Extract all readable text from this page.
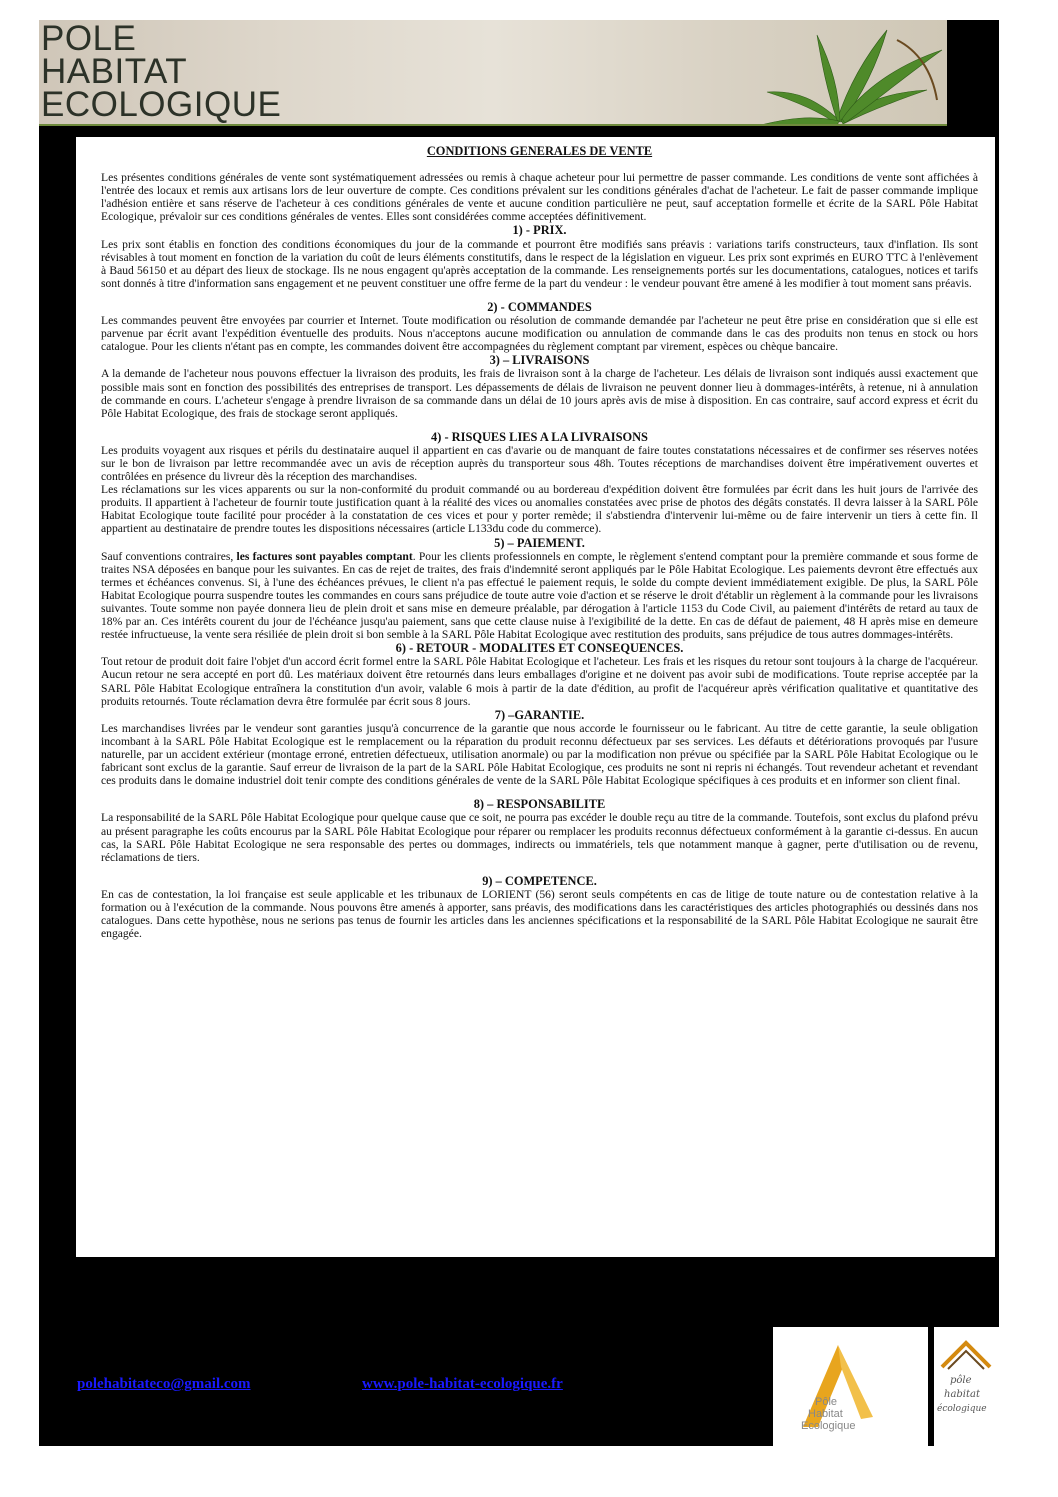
POLE
HABITAT
ECOLOGIQUE
CONDITIONS GENERALES DE VENTE

Les présentes conditions générales de vente sont systématiquement adressées ou remis à chaque acheteur pour lui permettre de passer commande. Les conditions de vente sont affichées à l'entrée des locaux et remis aux artisans lors de leur ouverture de compte. Ces conditions prévalent sur les conditions générales d'achat de l'acheteur. Le fait de passer commande implique l'adhésion entière et sans réserve de l'acheteur à ces conditions générales de vente et aucune condition particulière ne peut, sauf acceptation formelle et écrite de la SARL Pôle Habitat Ecologique, prévaloir sur ces conditions générales de ventes. Elles sont considérées comme acceptées définitivement.

1) - PRIX.

Les prix sont établis en fonction des conditions économiques du jour de la commande et pourront être modifiés sans préavis : variations tarifs constructeurs, taux d'inflation. Ils sont révisables à tout moment en fonction de la variation du coût de leurs éléments constitutifs, dans le respect de la législation en vigueur. Les prix sont exprimés en EURO TTC à l'enlèvement à Baud 56150 et au départ des lieux de stockage. Ils ne nous engagent qu'après acceptation de la commande. Les renseignements portés sur les documentations, catalogues, notices et tarifs sont donnés à titre d'information sans engagement et ne peuvent constituer une offre ferme de la part du vendeur : le vendeur pouvant être amené à les modifier à tout moment sans préavis.

2) - COMMANDES

Les commandes peuvent être envoyées par courrier et Internet. Toute modification ou résolution de commande demandée par l'acheteur ne peut être prise en considération que si elle est parvenue par écrit avant l'expédition éventuelle des produits. Nous n'acceptons aucune modification ou annulation de commande dans le cas des produits non tenus en stock ou hors catalogue. Pour les clients n'étant pas en compte, les commandes doivent être accompagnées du règlement comptant par virement, espèces ou chèque bancaire.

3) – LIVRAISONS

A la demande de l'acheteur nous pouvons effectuer la livraison des produits, les frais de livraison sont à la charge de l'acheteur. Les délais de livraison sont indiqués aussi exactement que possible mais sont en fonction des possibilités des entreprises de transport. Les dépassements de délais de livraison ne peuvent donner lieu à dommages-intérêts, à retenue, ni à annulation de commande en cours. L'acheteur s'engage à prendre livraison de sa commande dans un délai de 10 jours après avis de mise à disposition. En cas contraire, sauf accord express et écrit du Pôle Habitat Ecologique, des frais de stockage seront appliqués.

4) - RISQUES LIES A LA LIVRAISONS

Les produits voyagent aux risques et périls du destinataire auquel il appartient en cas d'avarie ou de manquant de faire toutes constatations nécessaires et de confirmer ses réserves notées sur le bon de livraison par lettre recommandée avec un avis de réception auprès du transporteur sous 48h. Toutes réceptions de marchandises doivent être impérativement ouvertes et contrôlées en présence du livreur dès la réception des marchandises.

Les réclamations sur les vices apparents ou sur la non-conformité du produit commandé ou au bordereau d'expédition doivent être formulées par écrit dans les huit jours de l'arrivée des produits. Il appartient à l'acheteur de fournir toute justification quant à la réalité des vices ou anomalies constatées avec prise de photos des dégâts constatés. Il devra laisser à la SARL Pôle Habitat Ecologique toute facilité pour procéder à la constatation de ces vices et pour y porter remède; il s'abstiendra d'intervenir lui-même ou de faire intervenir un tiers à cette fin. Il appartient au destinataire de prendre toutes les dispositions nécessaires (article L133du code du commerce).

5) – PAIEMENT.

Sauf conventions contraires, les factures sont payables comptant. Pour les clients professionnels en compte, le règlement s'entend comptant pour la première commande et sous forme de traites NSA déposées en banque pour les suivantes. En cas de rejet de traites, des frais d'indemnité seront appliqués par le Pôle Habitat Ecologique. Les paiements devront être effectués aux termes et échéances convenus. Si, à l'une des échéances prévues, le client n'a pas effectué le paiement requis, le solde du compte devient immédiatement exigible. De plus, la SARL Pôle Habitat Ecologique pourra suspendre toutes les commandes en cours sans préjudice de toute autre voie d'action et se réserve le droit d'établir un règlement à la commande pour les livraisons suivantes. Toute somme non payée donnera lieu de plein droit et sans mise en demeure préalable, par dérogation à l'article 1153 du Code Civil, au paiement d'intérêts de retard au taux de 18% par an. Ces intérêts courent du jour de l'échéance jusqu'au paiement, sans que cette clause nuise à l'exigibilité de la dette. En cas de défaut de paiement, 48 H après mise en demeure restée infructueuse, la vente sera résiliée de plein droit si bon semble à la SARL Pôle Habitat Ecologique avec restitution des produits, sans préjudice de tous autres dommages-intérêts.

6) - RETOUR - MODALITES ET CONSEQUENCES.

Tout retour de produit doit faire l'objet d'un accord écrit formel entre la SARL Pôle Habitat Ecologique et l'acheteur. Les frais et les risques du retour sont toujours à la charge de l'acquéreur. Aucun retour ne sera accepté en port dû. Les matériaux doivent être retournés dans leurs emballages d'origine et ne doivent pas avoir subi de modifications. Toute reprise acceptée par la SARL Pôle Habitat Ecologique entraînera la constitution d'un avoir, valable 6 mois à partir de la date d'édition, au profit de l'acquéreur après vérification qualitative et quantitative des produits retournés. Toute réclamation devra être formulée par écrit sous 8 jours.

7) –GARANTIE.

Les marchandises livrées par le vendeur sont garanties jusqu'à concurrence de la garantie que nous accorde le fournisseur ou le fabricant. Au titre de cette garantie, la seule obligation incombant à la SARL Pôle Habitat Ecologique est le remplacement ou la réparation du produit reconnu défectueux par ses services. Les défauts et détériorations provoqués par l'usure naturelle, par un accident extérieur (montage erroné, entretien défectueux, utilisation anormale) ou par la modification non prévue ou spécifiée par la SARL Pôle Habitat Ecologique ou le fabricant sont exclus de la garantie. Sauf erreur de livraison de la part de la SARL Pôle Habitat Ecologique, ces produits ne sont ni repris ni échangés. Tout revendeur achetant et revendant ces produits dans le domaine industriel doit tenir compte des conditions générales de vente de la SARL Pôle Habitat Ecologique spécifiques à ces produits et en informer son client final.

8) – RESPONSABILITE

La responsabilité de la SARL Pôle Habitat Ecologique pour quelque cause que ce soit, ne pourra pas excéder le double reçu au titre de la commande. Toutefois, sont exclus du plafond prévu au présent paragraphe les coûts encourus par la SARL Pôle Habitat Ecologique pour réparer ou remplacer les produits reconnus défectueux conformément à la garantie ci-dessus. En aucun cas, la SARL Pôle Habitat Ecologique ne sera responsable des pertes ou dommages, indirects ou immatériels, tels que notamment manque à gagner, perte d'utilisation ou de revenu, réclamations de tiers.

9) – COMPETENCE.

En cas de contestation, la loi française est seule applicable et les tribunaux de LORIENT (56) seront seuls compétents en cas de litige de toute nature ou de contestation relative à la formation ou à l'exécution de la commande. Nous pouvons être amenés à apporter, sans préavis, des modifications dans les caractéristiques des articles photographiés ou dessinés dans nos catalogues. Dans cette hypothèse, nous ne serions pas tenus de fournir les articles dans les anciennes spécifications et la responsabilité de la SARL Pôle Habitat Ecologique ne saurait être engagée.

Pôle
Habitat
Ecologique
pôle
habitat
écologique
polehabitateco@gmail.com	www.pole-habitat-ecologique.fr
